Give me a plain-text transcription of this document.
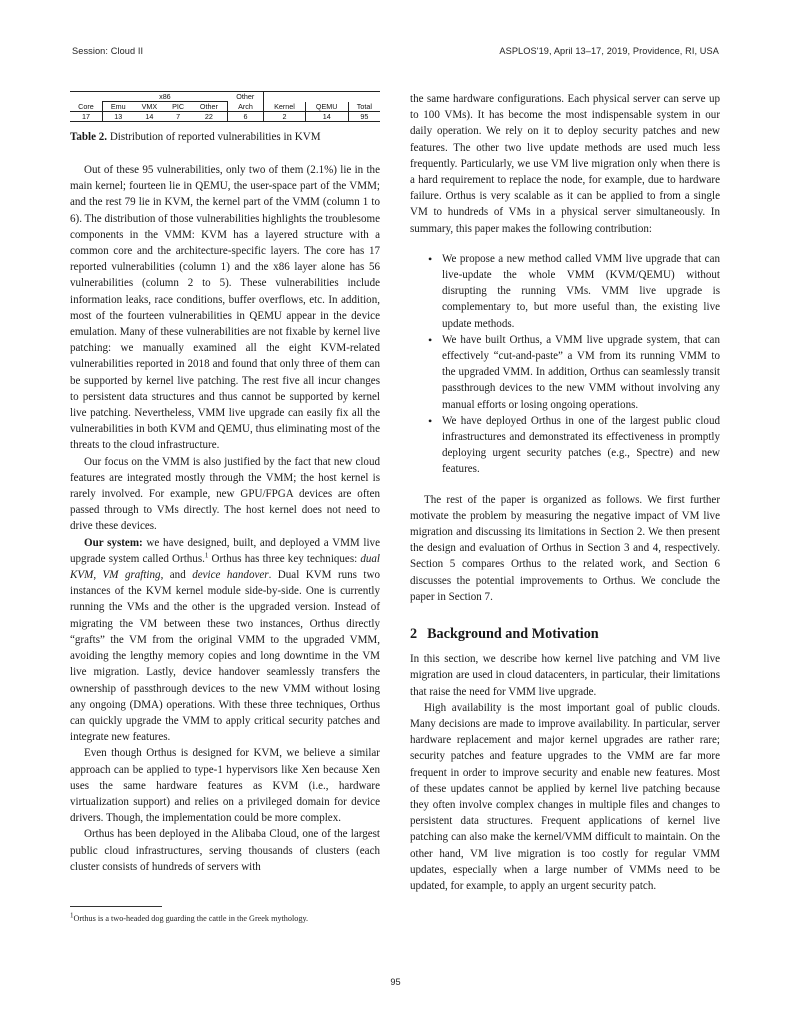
Session: Cloud II	ASPLOS'19, April 13–17, 2019, Providence, RI, USA
	x86				Other			
Core	Emu	VMX	PIC	Other	Arch	Kernel	QEMU	Total
17	13	14	7	22	6	2	14	95
Table 2. Distribution of reported vulnerabilities in KVM

Out of these 95 vulnerabilities, only two of them (2.1%) lie in the main kernel; fourteen lie in QEMU, the user-space part of the VMM; and the rest 79 lie in KVM, the kernel part of the VMM (column 1 to 6). The distribution of those vulnerabilities highlights the troublesome components in the VMM: KVM has a layered structure with a common core and the architecture-specific layers. The core has 17 reported vulnerabilities (column 1) and the x86 layer alone has 56 vulnerabilities (column 2 to 5). These vulnerabilities include information leaks, race conditions, buffer overflows, etc. In addition, most of the fourteen vulnerabilities in QEMU appear in the device emulation. Many of these vulnerabilities are not fixable by kernel live patching: we manually examined all the eight KVM-related vulnerabilities reported in 2018 and found that only three of them can be supported by kernel live patching. The rest five all incur changes to persistent data structures and thus cannot be supported by kernel live patching. Nevertheless, VMM live upgrade can easily fix all the vulnerabilities in both KVM and QEMU, thus eliminating most of the threats to the cloud infrastructure.

Our focus on the VMM is also justified by the fact that new cloud features are integrated mostly through the VMM; the host kernel is rarely involved. For example, new GPU/FPGA devices are often passed through to VMs directly. The host kernel does not need to drive these devices.

Our system: we have designed, built, and deployed a VMM live upgrade system called Orthus.$^1$ Orthus has three key techniques: dual KVM, VM grafting, and device handover. Dual KVM runs two instances of the KVM kernel module side-by-side. One is currently running the VMs and the other is the upgraded version. Instead of migrating the VM between these two instances, Orthus directly “grafts” the VM from the original VMM to the upgraded VMM, avoiding the lengthy memory copies and long downtime in the VM live migration. Lastly, device handover seamlessly transfers the ownership of passthrough devices to the new VMM without losing any ongoing (DMA) operations. With these three techniques, Orthus can quickly upgrade the VMM to apply critical security patches and integrate new features.

Even though Orthus is designed for KVM, we believe a similar approach can be applied to type-1 hypervisors like Xen because Xen uses the same hardware features as KVM (i.e., hardware virtualization support) and relies on a privileged domain for device drivers. Though, the implementation could be more complex.

Orthus has been deployed in the Alibaba Cloud, one of the largest public cloud infrastructures, serving thousands of clusters (each cluster consists of hundreds of servers with

the same hardware configurations. Each physical server can serve up to 100 VMs). It has become the most indispensable system in our daily operation. We rely on it to deploy security patches and new features. The other two live update methods are used much less frequently. Particularly, we use VM live migration only when there is a hard requirement to replace the node, for example, due to hardware failure. Orthus is very scalable as it can be applied to from a single VM to hundreds of VMs in a physical server simultaneously. In summary, this paper makes the following contribution:

• We propose a new method called VMM live upgrade that can live-update the whole VMM (KVM/QEMU) without disrupting the running VMs. VMM live upgrade is complementary to, but more useful than, the existing live update methods.
• We have built Orthus, a VMM live upgrade system, that can effectively “cut-and-paste” a VM from its running VMM to the upgraded VMM. In addition, Orthus can seamlessly transit passthrough devices to the new VMM without involving any manual efforts or losing ongoing operations.
• We have deployed Orthus in one of the largest public cloud infrastructures and demonstrated its effectiveness in promptly deploying urgent security patches (e.g., Spectre) and new features.

The rest of the paper is organized as follows. We first further motivate the problem by measuring the negative impact of VM live migration and discussing its limitations in Section 2. We then present the design and evaluation of Orthus in Section 3 and 4, respectively. Section 5 compares Orthus to the related work, and Section 6 discusses the potential improvements to Orthus. We conclude the paper in Section 7.

2 Background and Motivation

In this section, we describe how kernel live patching and VM live migration are used in cloud datacenters, in particular, their limitations that raise the need for VMM live upgrade.

High availability is the most important goal of public clouds. Many decisions are made to improve availability. In particular, server hardware replacement and major kernel upgrades are rather rare; security patches and feature upgrades to the VMM are far more frequent in order to improve security and enable new features. Most of these updates cannot be applied by kernel live patching because they often involve complex changes in multiple files and changes to persistent data structures. Frequent applications of kernel live patching can also make the kernel/VMM difficult to maintain. On the other hand, VM live migration is too costly for regular VMM updates, especially when a large number of VMMs need to be updated, for example, to apply an urgent security patch.

$^1$Orthus is a two-headed dog guarding the cattle in the Greek mythology.
95
